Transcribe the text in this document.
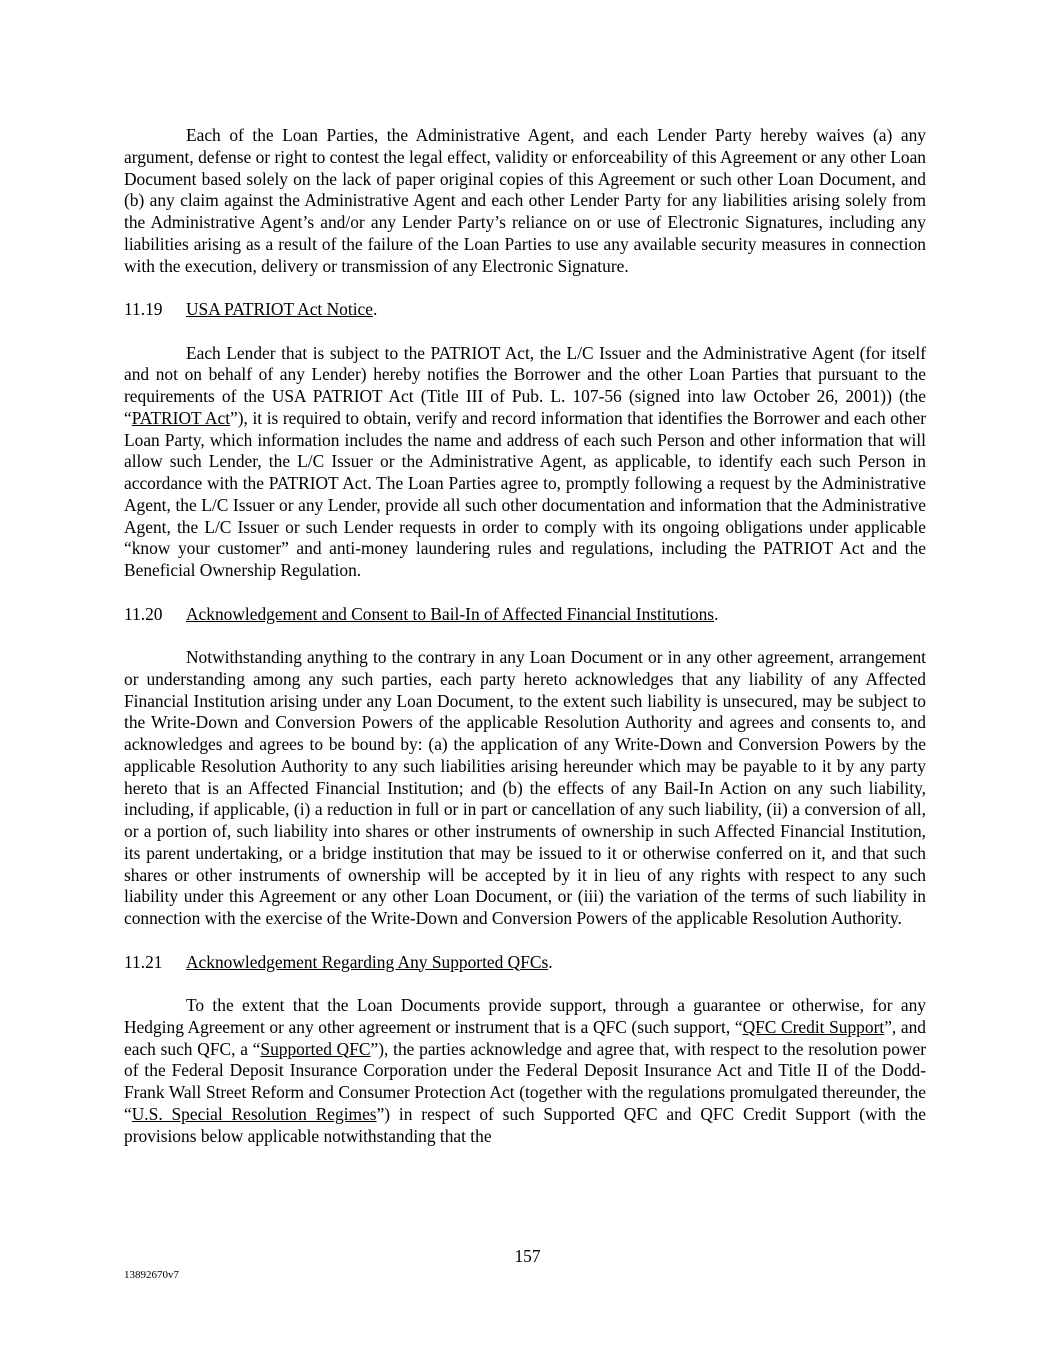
Each of the Loan Parties, the Administrative Agent, and each Lender Party hereby waives (a) any argument, defense or right to contest the legal effect, validity or enforceability of this Agreement or any other Loan Document based solely on the lack of paper original copies of this Agreement or such other Loan Document, and (b) any claim against the Administrative Agent and each other Lender Party for any liabilities arising solely from the Administrative Agent’s and/or any Lender Party’s reliance on or use of Electronic Signatures, including any liabilities arising as a result of the failure of the Loan Parties to use any available security measures in connection with the execution, delivery or transmission of any Electronic Signature.

11.19 USA PATRIOT Act Notice.

Each Lender that is subject to the PATRIOT Act, the L/C Issuer and the Administrative Agent (for itself and not on behalf of any Lender) hereby notifies the Borrower and the other Loan Parties that pursuant to the requirements of the USA PATRIOT Act (Title III of Pub. L. 107-56 (signed into law October 26, 2001)) (the “PATRIOT Act”), it is required to obtain, verify and record information that identifies the Borrower and each other Loan Party, which information includes the name and address of each such Person and other information that will allow such Lender, the L/C Issuer or the Administrative Agent, as applicable, to identify each such Person in accordance with the PATRIOT Act. The Loan Parties agree to, promptly following a request by the Administrative Agent, the L/C Issuer or any Lender, provide all such other documentation and information that the Administrative Agent, the L/C Issuer or such Lender requests in order to comply with its ongoing obligations under applicable “know your customer” and anti-money laundering rules and regulations, including the PATRIOT Act and the Beneficial Ownership Regulation.

11.20 Acknowledgement and Consent to Bail-In of Affected Financial Institutions.

Notwithstanding anything to the contrary in any Loan Document or in any other agreement, arrangement or understanding among any such parties, each party hereto acknowledges that any liability of any Affected Financial Institution arising under any Loan Document, to the extent such liability is unsecured, may be subject to the Write-Down and Conversion Powers of the applicable Resolution Authority and agrees and consents to, and acknowledges and agrees to be bound by: (a) the application of any Write-Down and Conversion Powers by the applicable Resolution Authority to any such liabilities arising hereunder which may be payable to it by any party hereto that is an Affected Financial Institution; and (b) the effects of any Bail-In Action on any such liability, including, if applicable, (i) a reduction in full or in part or cancellation of any such liability, (ii) a conversion of all, or a portion of, such liability into shares or other instruments of ownership in such Affected Financial Institution, its parent undertaking, or a bridge institution that may be issued to it or otherwise conferred on it, and that such shares or other instruments of ownership will be accepted by it in lieu of any rights with respect to any such liability under this Agreement or any other Loan Document, or (iii) the variation of the terms of such liability in connection with the exercise of the Write-Down and Conversion Powers of the applicable Resolution Authority.

11.21 Acknowledgement Regarding Any Supported QFCs.

To the extent that the Loan Documents provide support, through a guarantee or otherwise, for any Hedging Agreement or any other agreement or instrument that is a QFC (such support, “QFC Credit Support”, and each such QFC, a “Supported QFC”), the parties acknowledge and agree that, with respect to the resolution power of the Federal Deposit Insurance Corporation under the Federal Deposit Insurance Act and Title II of the Dodd-Frank Wall Street Reform and Consumer Protection Act (together with the regulations promulgated thereunder, the “U.S. Special Resolution Regimes”) in respect of such Supported QFC and QFC Credit Support (with the provisions below applicable notwithstanding that the

157
13892670v7
